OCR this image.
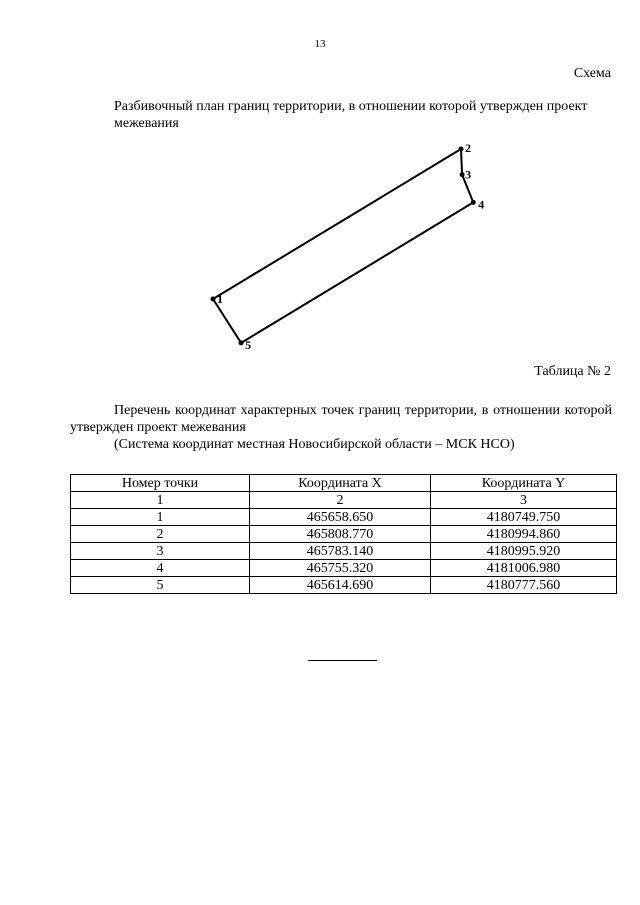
13
Схема
Разбивочный план границ территории, в отношении которой утвержден проект межевания
1
2
3
4
5
Таблица № 2
Перечень координат характерных точек границ территории, в отношении которой утвержден проект межевания
(Система координат местная Новосибирской области – МСК НСО)
Номер точки	Координата X	Координата Y
1	2	3
1	465658.650	4180749.750
2	465808.770	4180994.860
3	465783.140	4180995.920
4	465755.320	4181006.980
5	465614.690	4180777.560
